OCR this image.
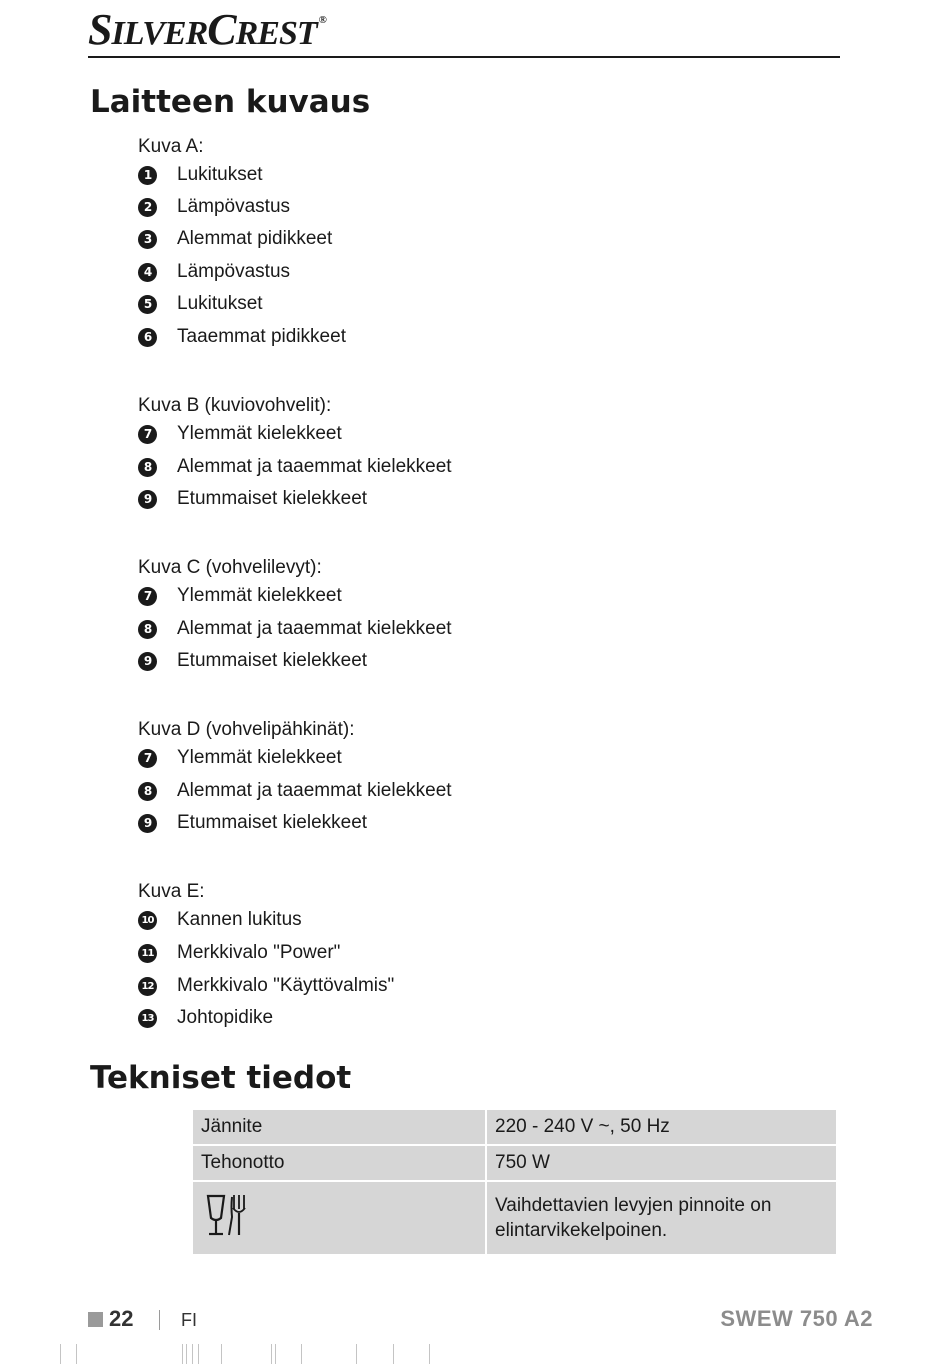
SILVERCREST ®
Laitteen kuvaus
Kuva A:
1	Lukitukset
2	Lämpövastus
3	Alemmat pidikkeet
4	Lämpövastus
5	Lukitukset
6	Taaemmat pidikkeet
Kuva B (kuviovohvelit):
7	Ylemmät kielekkeet
8	Alemmat ja taaemmat kielekkeet
9	Etummaiset kielekkeet
Kuva C (vohvelilevyt):
7	Ylemmät kielekkeet
8	Alemmat ja taaemmat kielekkeet
9	Etummaiset kielekkeet
Kuva D (vohvelipähkinät):
7	Ylemmät kielekkeet
8	Alemmat ja taaemmat kielekkeet
9	Etummaiset kielekkeet
Kuva E:
10 Kannen lukitus
11 Merkkivalo "Power"
12 Merkkivalo "Käyttövalmis"
13 Johtopidike
Tekniset tiedot
Jännite	220 - 240 V ~, 50 Hz
Tehonotto	750 W
	Vaihdettavien levyjen pinnoite on elintarvikekelpoinen.
22	FI	SWEW 750 A2
